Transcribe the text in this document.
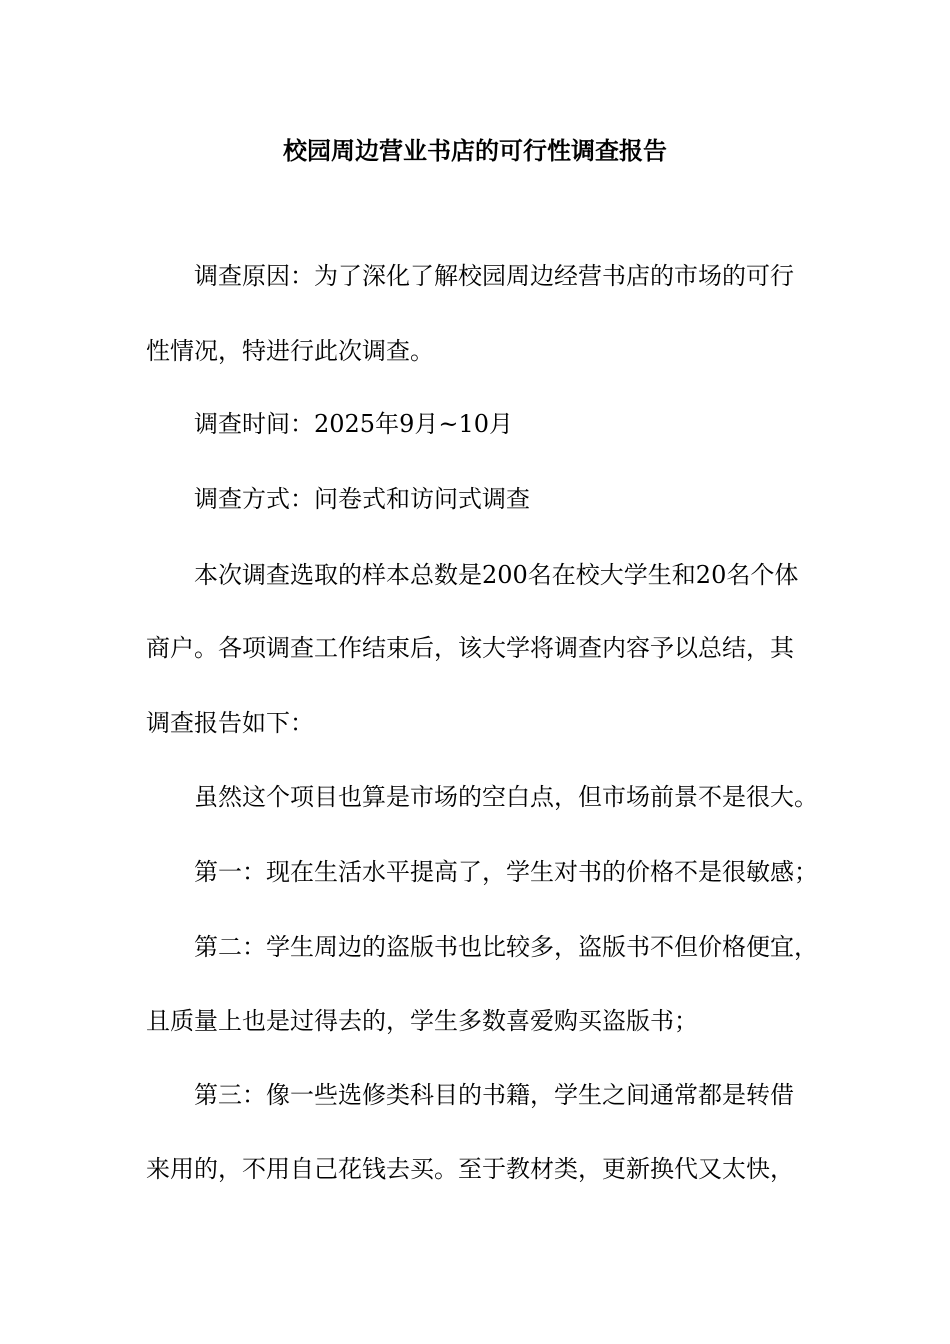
校园周边营业书店的可行性调查报告
调查原因：为了深化了解校园周边经营书店的市场的可行
性情况，特进行此次调查。
调查时间：2025年9月~10月
调查方式：问卷式和访问式调查
本次调查选取的样本总数是200名在校大学生和20名个体
商户。各项调查工作结束后，该大学将调查内容予以总结，其
调查报告如下：
虽然这个项目也算是市场的空白点，但市场前景不是很大。
第一：现在生活水平提高了，学生对书的价格不是很敏感；
第二：学生周边的盗版书也比较多，盗版书不但价格便宜，
且质量上也是过得去的，学生多数喜爱购买盗版书；
第三：像一些选修类科目的书籍，学生之间通常都是转借
来用的，不用自己花钱去买。至于教材类，更新换代又太快，
